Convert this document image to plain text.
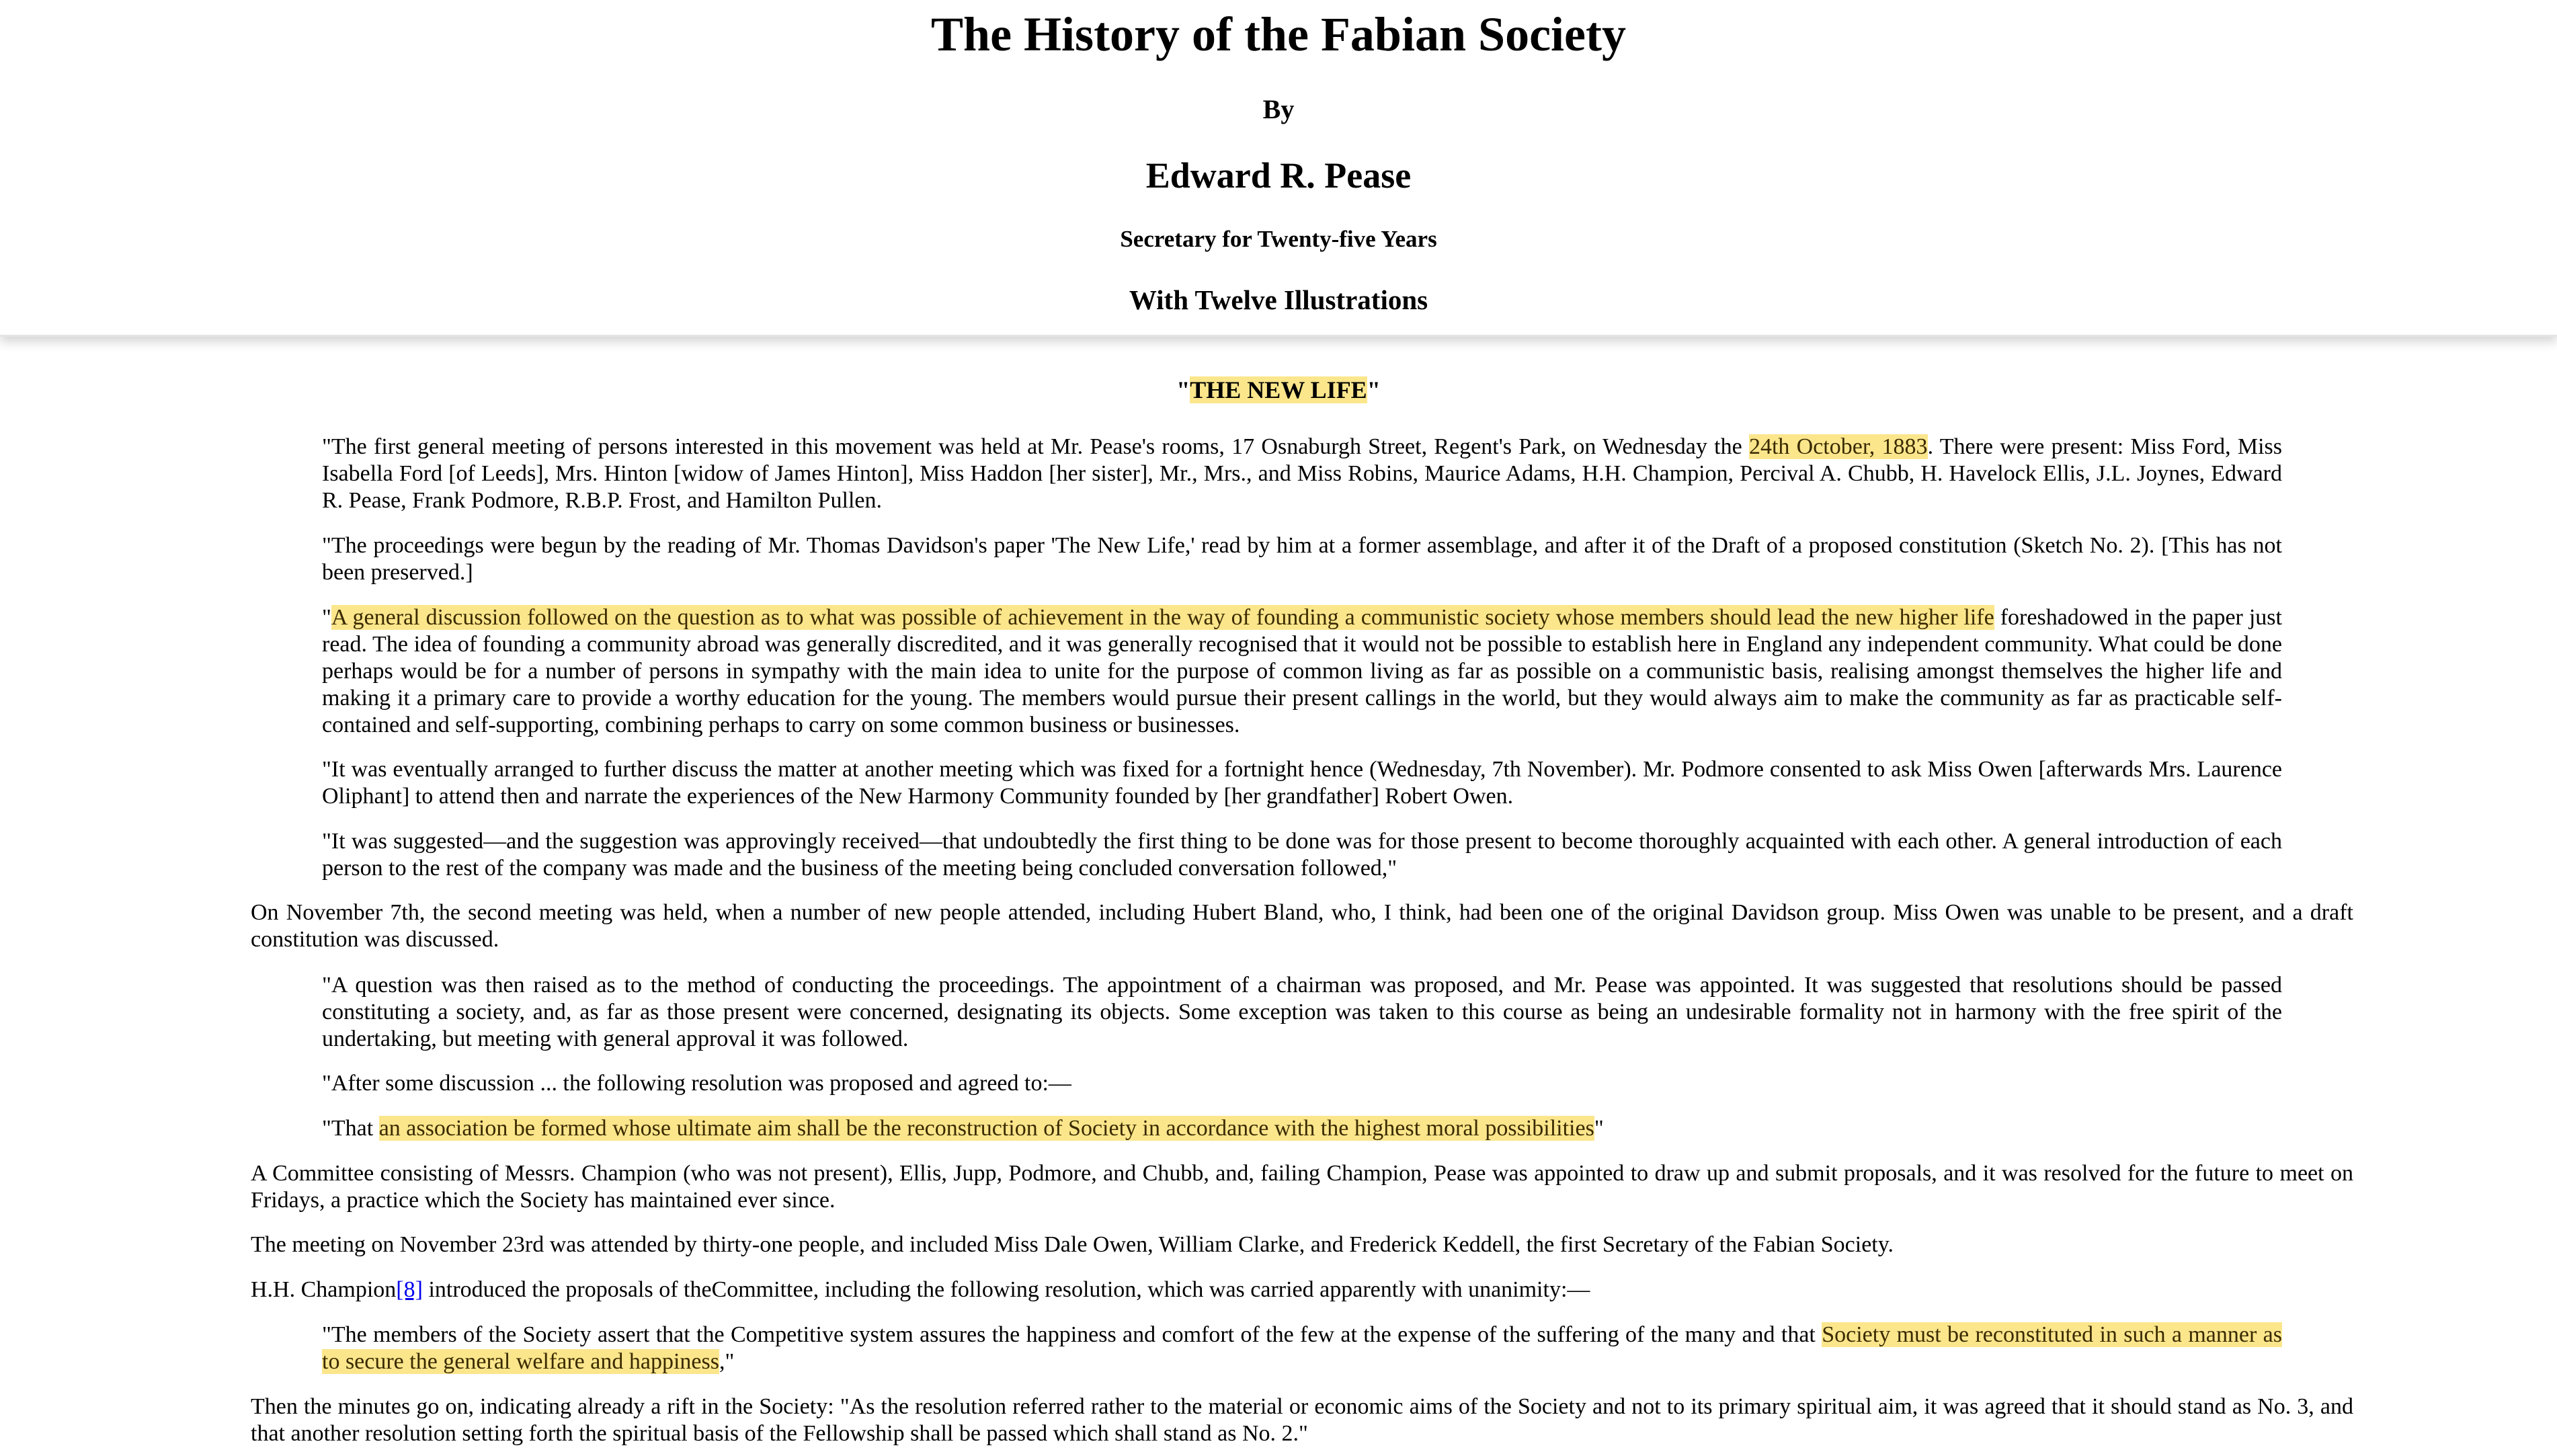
The History of the Fabian Society
By
Edward R. Pease
Secretary for Twenty-five Years
With Twelve Illustrations
"THE NEW LIFE"

"The first general meeting of persons interested in this movement was held at Mr. Pease's rooms, 17 Osnaburgh Street, Regent's Park, on Wednesday the 24th October, 1883. There were present: Miss Ford, Miss Isabella Ford [of Leeds], Mrs. Hinton [widow of James Hinton], Miss Haddon [her sister], Mr., Mrs., and Miss Robins, Maurice Adams, H.H. Champion, Percival A. Chubb, H. Havelock Ellis, J.L. Joynes, Edward R. Pease, Frank Podmore, R.B.P. Frost, and Hamilton Pullen.

"The proceedings were begun by the reading of Mr. Thomas Davidson's paper 'The New Life,' read by him at a former assemblage, and after it of the Draft of a proposed constitution (Sketch No. 2). [This has not been preserved.]

"A general discussion followed on the question as to what was possible of achievement in the way of founding a communistic society whose members should lead the new higher life foreshadowed in the paper just read. The idea of founding a community abroad was generally discredited, and it was generally recognised that it would not be possible to establish here in England any independent community. What could be done perhaps would be for a number of persons in sympathy with the main idea to unite for the purpose of common living as far as possible on a communistic basis, realising amongst themselves the higher life and making it a primary care to provide a worthy education for the young. The members would pursue their present callings in the world, but they would always aim to make the community as far as practicable self-contained and self-supporting, combining perhaps to carry on some common business or businesses.

"It was eventually arranged to further discuss the matter at another meeting which was fixed for a fortnight hence (Wednesday, 7th November). Mr. Podmore consented to ask Miss Owen [afterwards Mrs. Laurence Oliphant] to attend then and narrate the experiences of the New Harmony Community founded by [her grandfather] Robert Owen.

"It was suggested—and the suggestion was approvingly received—that undoubtedly the first thing to be done was for those present to become thoroughly acquainted with each other. A general introduction of each person to the rest of the company was made and the business of the meeting being concluded conversation followed,"

On November 7th, the second meeting was held, when a number of new people attended, including Hubert Bland, who, I think, had been one of the original Davidson group. Miss Owen was unable to be present, and a draft constitution was discussed.

"A question was then raised as to the method of conducting the proceedings. The appointment of a chairman was proposed, and Mr. Pease was appointed. It was suggested that resolutions should be passed constituting a society, and, as far as those present were concerned, designating its objects. Some exception was taken to this course as being an undesirable formality not in harmony with the free spirit of the undertaking, but meeting with general approval it was followed.

"After some discussion ... the following resolution was proposed and agreed to:—

"That an association be formed whose ultimate aim shall be the reconstruction of Society in accordance with the highest moral possibilities"

A Committee consisting of Messrs. Champion (who was not present), Ellis, Jupp, Podmore, and Chubb, and, failing Champion, Pease was appointed to draw up and submit proposals, and it was resolved for the future to meet on Fridays, a practice which the Society has maintained ever since.

The meeting on November 23rd was attended by thirty-one people, and included Miss Dale Owen, William Clarke, and Frederick Keddell, the first Secretary of the Fabian Society.

H.H. Champion[8] introduced the proposals of theCommittee, including the following resolution, which was carried apparently with unanimity:—

"The members of the Society assert that the Competitive system assures the happiness and comfort of the few at the expense of the suffering of the many and that Society must be reconstituted in such a manner as to secure the general welfare and happiness,"

Then the minutes go on, indicating already a rift in the Society: "As the resolution referred rather to the material or economic aims of the Society and not to its primary spiritual aim, it was agreed that it should stand as No. 3, and that another resolution setting forth the spiritual basis of the Fellowship shall be passed which shall stand as No. 2."
